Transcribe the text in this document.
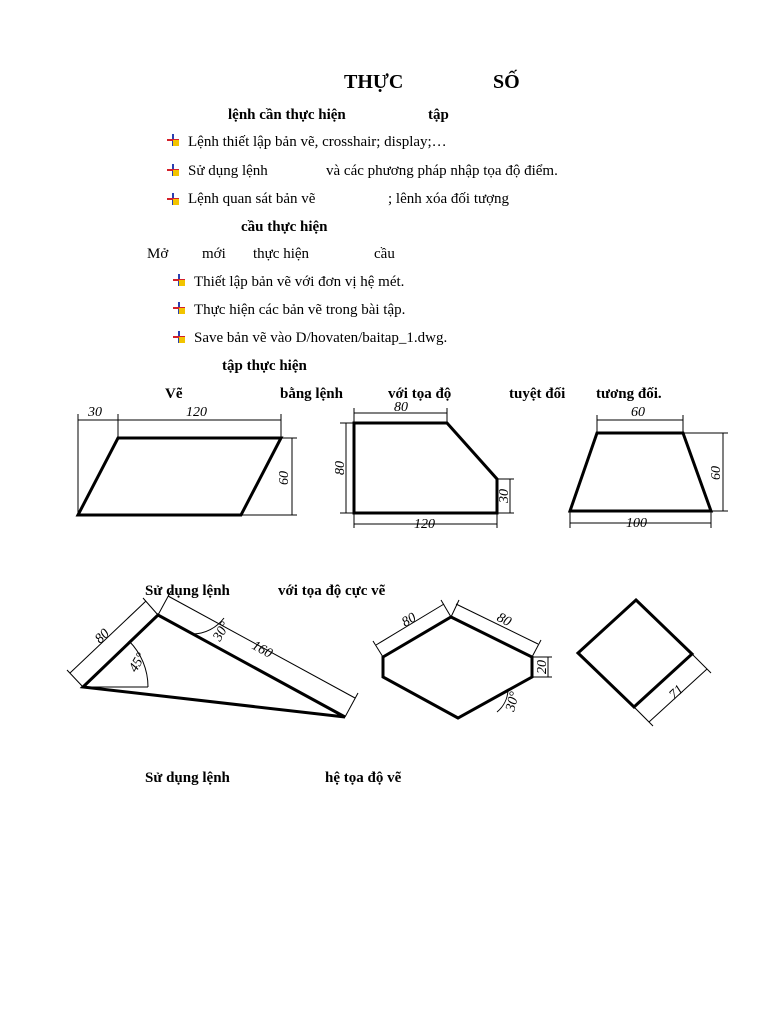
THỰC	SỐ
lệnh cần thực hiện	tập
Lệnh thiết lập bản vẽ, crosshair; display;…
Sử dụng lệnh	và các phương pháp nhập tọa độ điểm.
Lệnh quan sát bản vẽ	; lênh xóa đối tượng
cầu thực hiện
Mở mới thực hiện	cầu
Thiết lập bản vẽ với đơn vị hệ mét.
Thực hiện các bản vẽ trong bài tập.
Save bản vẽ vào D/hovaten/baitap_1.dwg.
tập thực hiện
Vẽ	bằng lệnh	với tọa độ	tuyệt đối tương đối.
Sử dụng lệnh	với tọa độ cực vẽ
Sử dụng lệnh	hệ tọa độ vẽ
30	120
60
80
80
30
120
60
60
100
80
45°
30°
160
80	80
20
30°	71
